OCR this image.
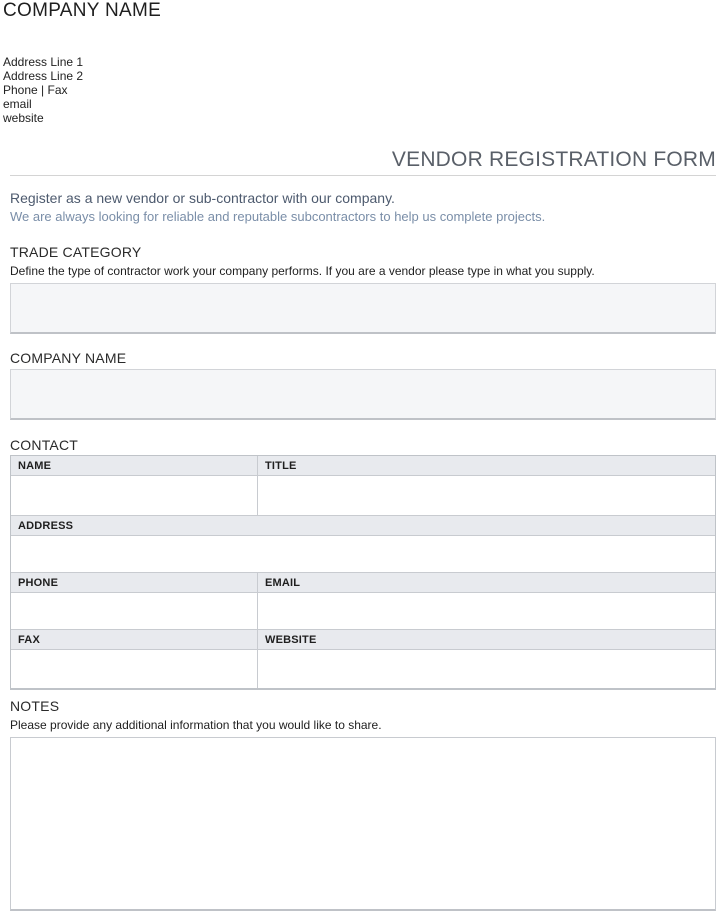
COMPANY NAME
Address Line 1
Address Line 2
Phone | Fax
email
website
VENDOR REGISTRATION FORM
Register as a new vendor or sub-contractor with our company.
We are always looking for reliable and reputable subcontractors to help us complete projects.
TRADE CATEGORY
Define the type of contractor work your company performs. If you are a vendor please type in what you supply.
COMPANY NAME
CONTACT
NAME	TITLE
ADDRESS
PHONE	EMAIL
FAX	WEBSITE
NOTES
Please provide any additional information that you would like to share.
